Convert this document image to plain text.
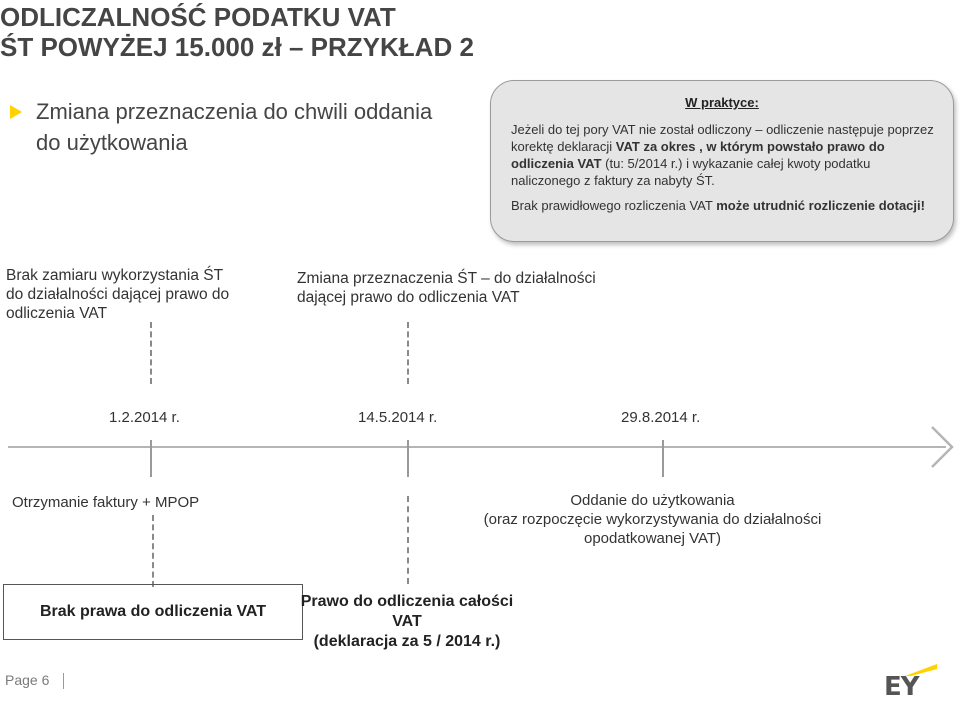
ODLICZALNOŚĆ PODATKU VAT
ŚT POWYŻEJ 15.000 zł – PRZYKŁAD 2
Zmiana przeznaczenia do chwili oddania
do użytkowania
W praktyce:
Jeżeli do tej pory VAT nie został odliczony – odliczenie następuje poprzez korektę deklaracji VAT za okres , w którym powstało prawo do odliczenia VAT (tu: 5/2014 r.) i wykazanie całej kwoty podatku naliczonego z faktury za nabyty ŚT.
Brak prawidłowego rozliczenia VAT może utrudnić rozliczenie dotacji!
Brak zamiaru wykorzystania ŚT
do działalności dającej prawo do
odliczenia VAT
Zmiana przeznaczenia ŚT – do działalności
dającej prawo do odliczenia VAT
1.2.2014 r.	14.5.2014 r.	29.8.2014 r.
Otrzymanie faktury + MPOP	Oddanie do użytkowania
(oraz rozpoczęcie wykorzystywania do działalności
opodatkowanej VAT)
Brak prawa do odliczenia VAT
Prawo do odliczenia całości
VAT
(deklaracja za 5 / 2014 r.)
Page 6	EY
